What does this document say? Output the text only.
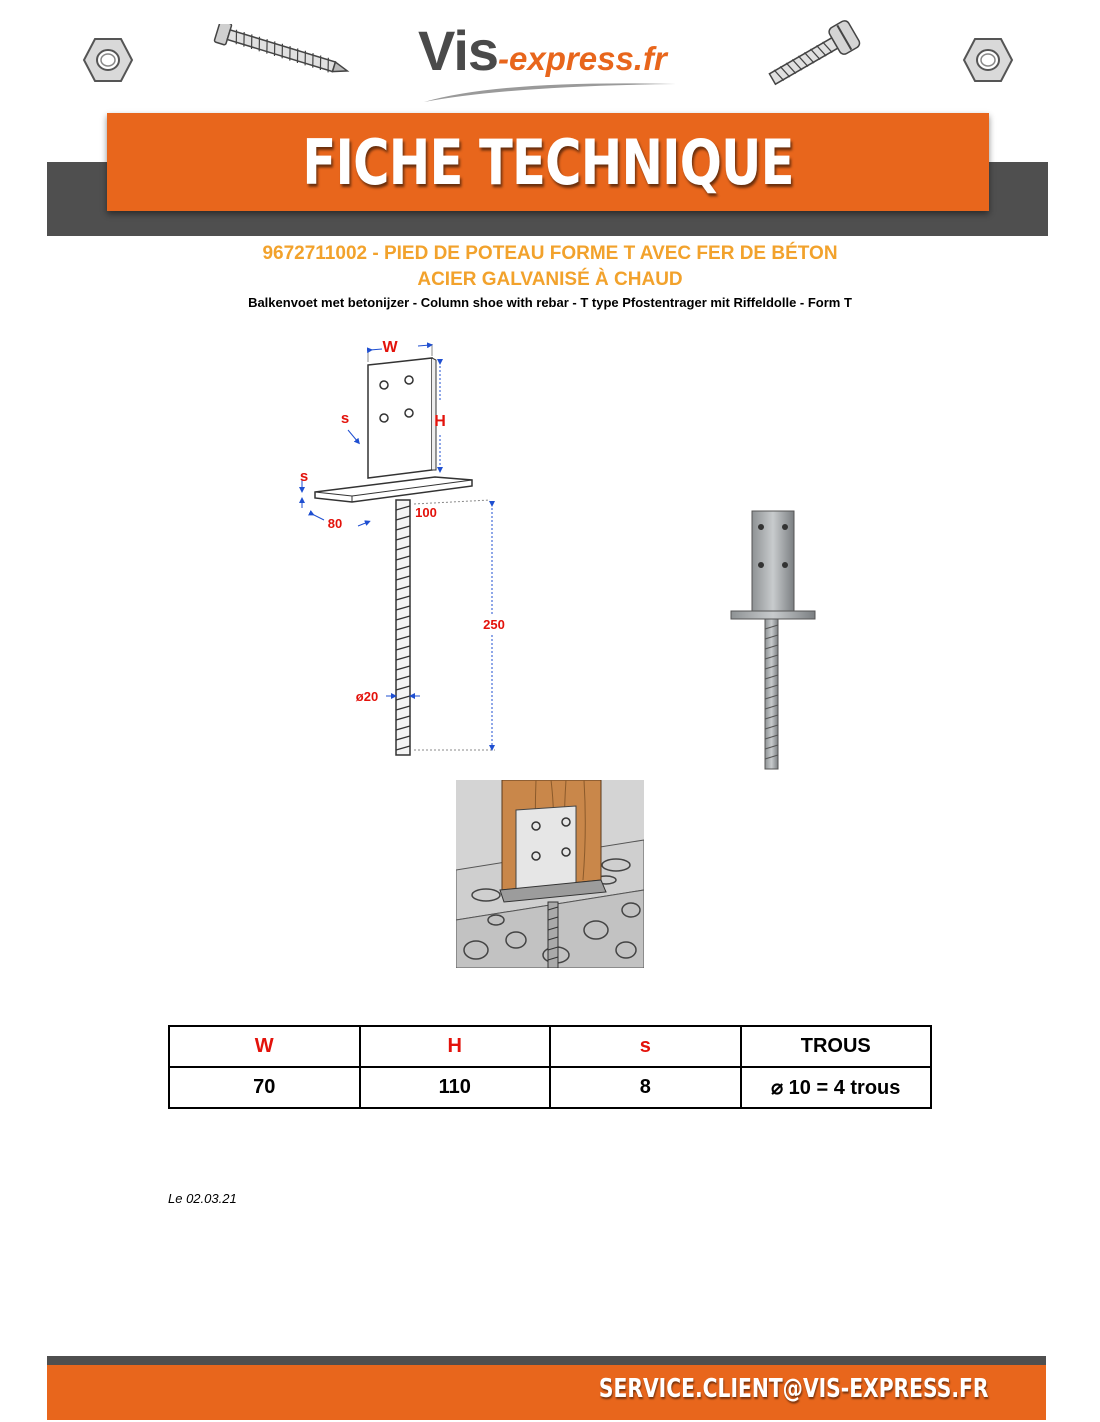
Vis-express.fr
FICHE TECHNIQUE
9672711002 - PIED DE POTEAU FORME T AVEC FER DE BÉTON
ACIER GALVANISÉ À CHAUD
Balkenvoet met betonijzer - Column shoe with rebar - T type Pfostentrager mit Riffeldolle - Form T
W
H
s
s
80
100
250
ø20
W	H	s	TROUS
70	110	8	⌀ 10 = 4 trous
Le 02.03.21
SERVICE.CLIENT@VIS-EXPRESS.FR
